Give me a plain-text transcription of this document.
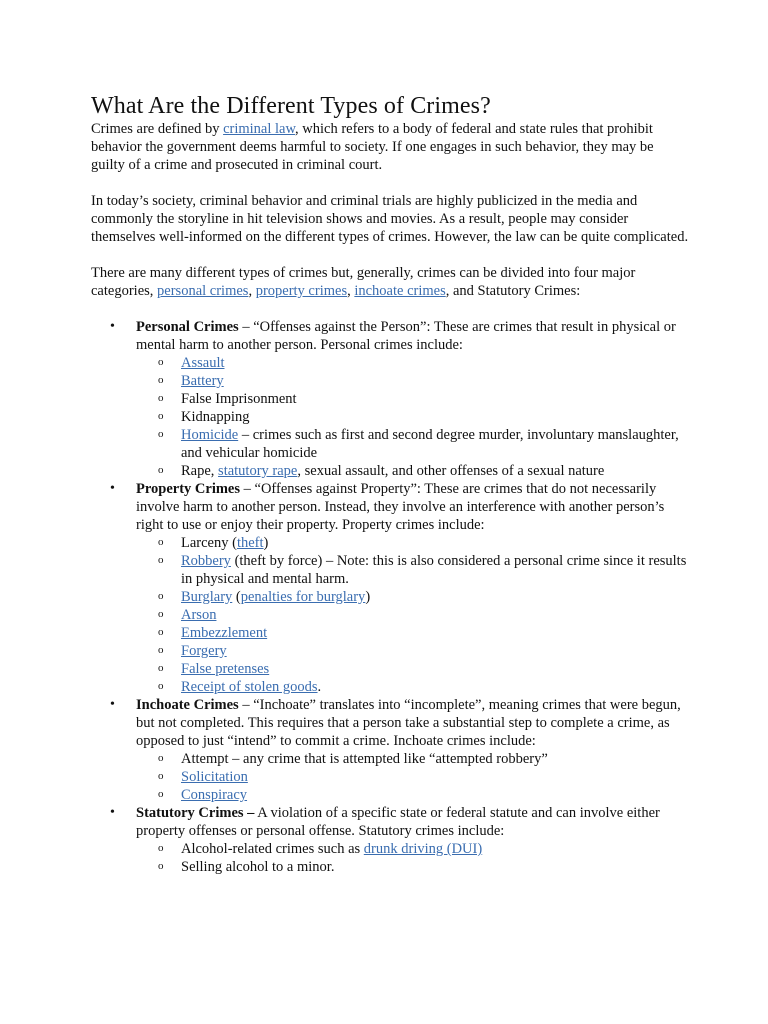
What Are the Different Types of Crimes?

Crimes are defined by criminal law, which refers to a body of federal and state rules that prohibit behavior the government deems harmful to society. If one engages in such behavior, they may be guilty of a crime and prosecuted in criminal court.

In today’s society, criminal behavior and criminal trials are highly publicized in the media and commonly the storyline in hit television shows and movies. As a result, people may consider themselves well-informed on the different types of crimes. However, the law can be quite complicated.

There are many different types of crimes but, generally, crimes can be divided into four major categories, personal crimes, property crimes, inchoate crimes, and Statutory Crimes:

• Personal Crimes – “Offenses against the Person”: These are crimes that result in physical or mental harm to another person. Personal crimes include:
o Assault
o Battery
o False Imprisonment
o Kidnapping
o Homicide – crimes such as first and second degree murder, involuntary manslaughter, and vehicular homicide
o Rape, statutory rape, sexual assault, and other offenses of a sexual nature
• Property Crimes – “Offenses against Property”: These are crimes that do not necessarily involve harm to another person. Instead, they involve an interference with another person’s right to use or enjoy their property. Property crimes include:
o Larceny (theft)
o Robbery (theft by force) – Note: this is also considered a personal crime since it results in physical and mental harm.
o Burglary (penalties for burglary)
o Arson
o Embezzlement
o Forgery
o False pretenses
o Receipt of stolen goods.
• Inchoate Crimes – “Inchoate” translates into “incomplete”, meaning crimes that were begun, but not completed. This requires that a person take a substantial step to complete a crime, as opposed to just “intend” to commit a crime. Inchoate crimes include:
o Attempt – any crime that is attempted like “attempted robbery”
o Solicitation
o Conspiracy
• Statutory Crimes – A violation of a specific state or federal statute and can involve either property offenses or personal offense. Statutory crimes include:
o Alcohol-related crimes such as drunk driving (DUI)
o Selling alcohol to a minor.
